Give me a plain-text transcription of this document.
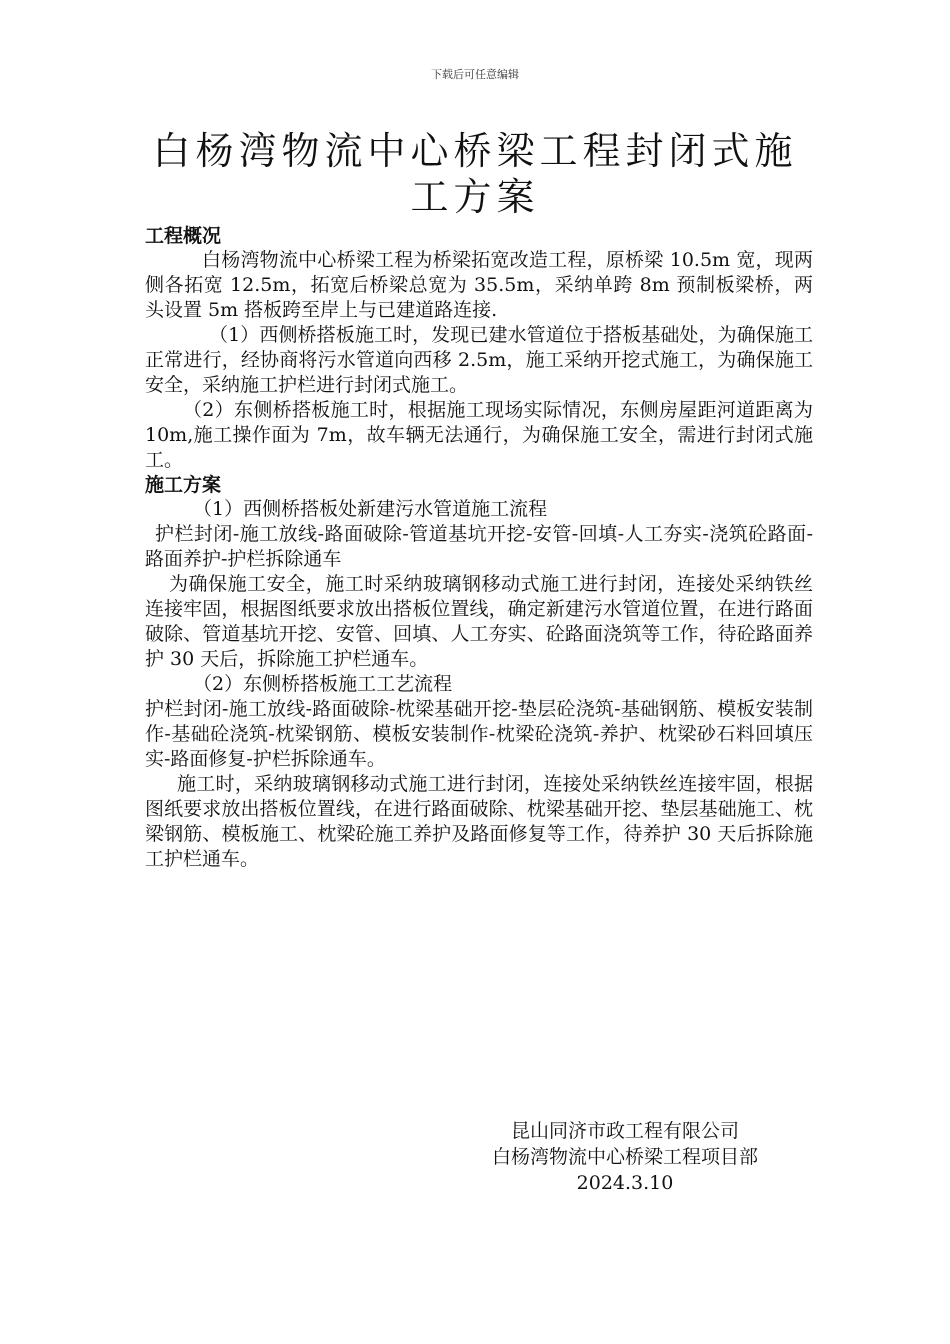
下载后可任意编辑
白杨湾物流中心桥梁工程封闭式施工方案

工程概况

白杨湾物流中心桥梁工程为桥梁拓宽改造工程，原桥梁 10.5m 宽，现两侧各拓宽 12.5m，拓宽后桥梁总宽为 35.5m，采纳单跨 8m 预制板梁桥，两头设置 5m 搭板跨至岸上与已建道路连接.

（1）西侧桥搭板施工时，发现已建水管道位于搭板基础处，为确保施工正常进行，经协商将污水管道向西移 2.5m，施工采纳开挖式施工，为确保施工安全，采纳施工护栏进行封闭式施工。

（2）东侧桥搭板施工时，根据施工现场实际情况，东侧房屋距河道距离为 10m,施工操作面为 7m，故车辆无法通行，为确保施工安全，需进行封闭式施工。

施工方案

（1）西侧桥搭板处新建污水管道施工流程

护栏封闭-施工放线-路面破除-管道基坑开挖-安管-回填-人工夯实-浇筑砼路面-路面养护-护栏拆除通车

为确保施工安全，施工时采纳玻璃钢移动式施工进行封闭，连接处采纳铁丝连接牢固，根据图纸要求放出搭板位置线，确定新建污水管道位置，在进行路面破除、管道基坑开挖、安管、回填、人工夯实、砼路面浇筑等工作，待砼路面养护 30 天后，拆除施工护栏通车。

（2）东侧桥搭板施工工艺流程

护栏封闭-施工放线-路面破除-枕梁基础开挖-垫层砼浇筑-基础钢筋、模板安装制作-基础砼浇筑-枕梁钢筋、模板安装制作-枕梁砼浇筑-养护、枕梁砂石料回填压实-路面修复-护栏拆除通车。

施工时，采纳玻璃钢移动式施工进行封闭，连接处采纳铁丝连接牢固，根据图纸要求放出搭板位置线，在进行路面破除、枕梁基础开挖、垫层基础施工、枕梁钢筋、模板施工、枕梁砼施工养护及路面修复等工作，待养护 30 天后拆除施工护栏通车。

昆山同济市政工程有限公司
白杨湾物流中心桥梁工程项目部
2024.3.10
